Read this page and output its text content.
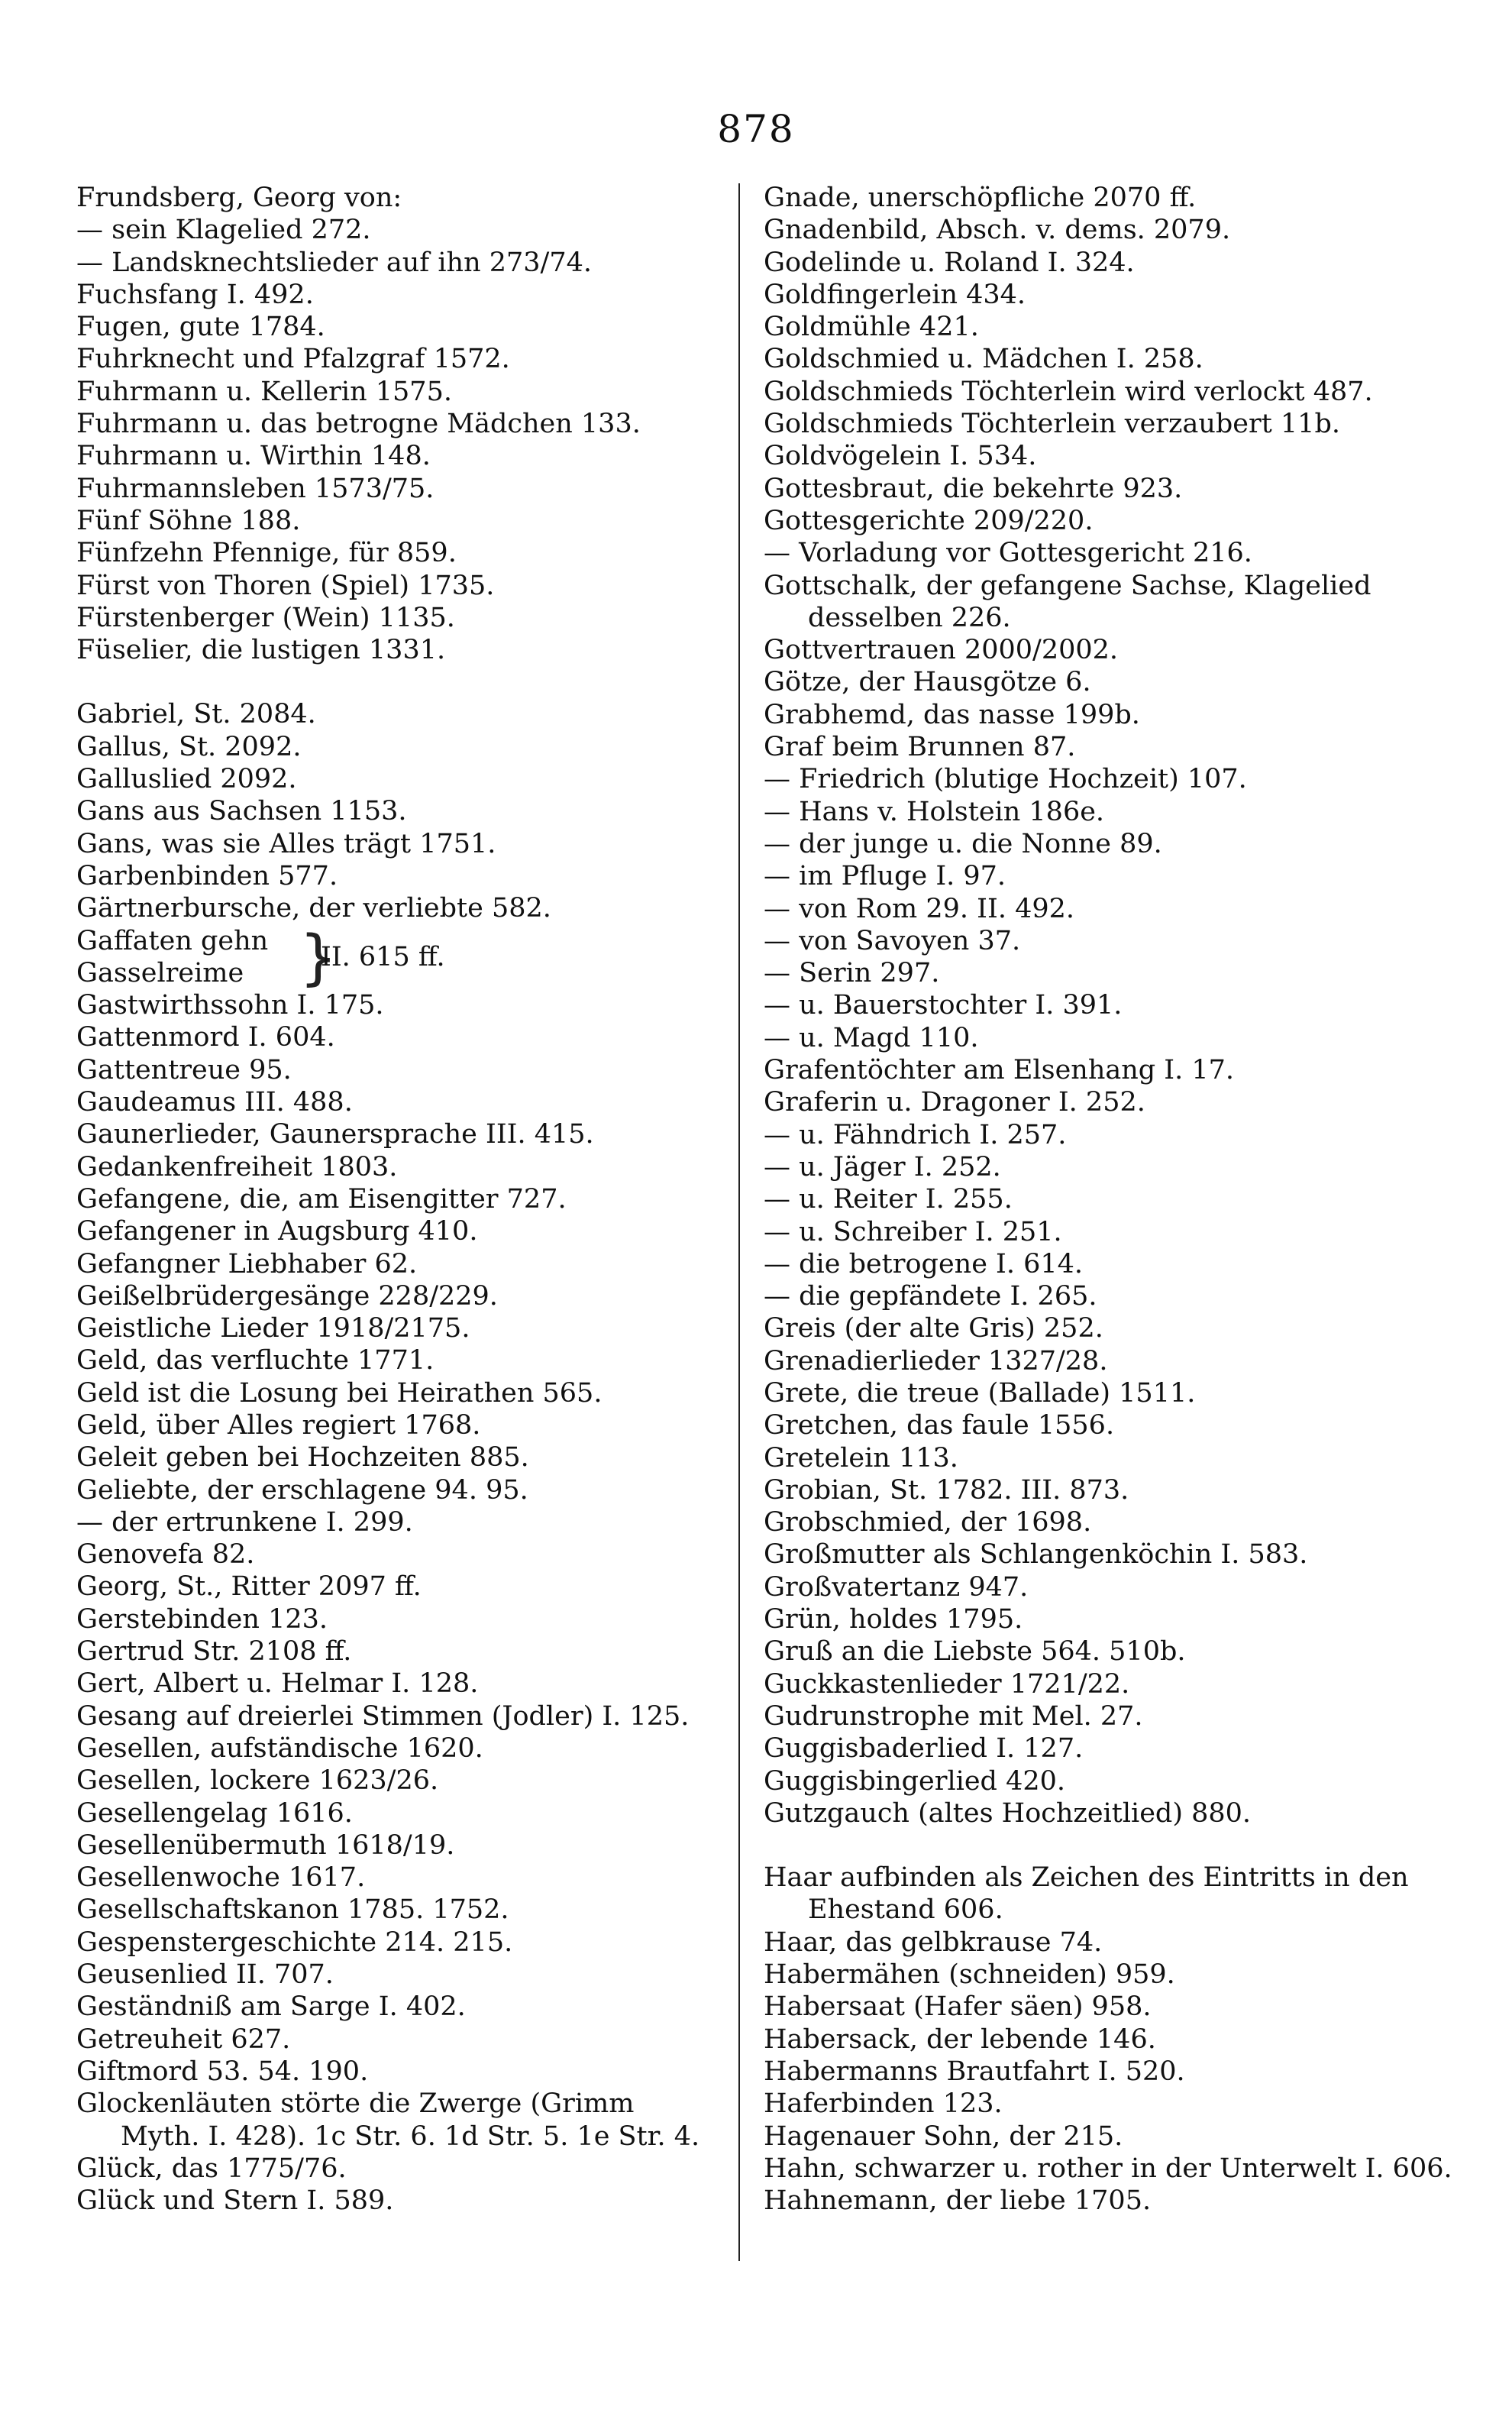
878
Frundsberg, Georg von:
— sein Klagelied 272.
— Landsknechtslieder auf ihn 273/74.
Fuchsfang I. 492.
Fugen, gute 1784.
Fuhrknecht und Pfalzgraf 1572.
Fuhrmann u. Kellerin 1575.
Fuhrmann u. das betrogne Mädchen 133.
Fuhrmann u. Wirthin 148.
Fuhrmannsleben 1573/75.
Fünf Söhne 188.
Fünfzehn Pfennige, für 859.
Fürst von Thoren (Spiel) 1735.
Fürstenberger (Wein) 1135.
Füselier, die lustigen 1331.
Gabriel, St. 2084.
Gallus, St. 2092.
Galluslied 2092.
Gans aus Sachsen 1153.
Gans, was sie Alles trägt 1751.
Garbenbinden 577.
Gärtnerbursche, der verliebte 582.
Gaffaten gehn
Gasselreime }
II. 615 ff.
Gastwirthssohn I. 175.
Gattenmord I. 604.
Gattentreue 95.
Gaudeamus III. 488.
Gaunerlieder, Gaunersprache III. 415.
Gedankenfreiheit 1803.
Gefangene, die, am Eisengitter 727.
Gefangener in Augsburg 410.
Gefangner Liebhaber 62.
Geißelbrüdergesänge 228/229.
Geistliche Lieder 1918/2175.
Geld, das verfluchte 1771.
Geld ist die Losung bei Heirathen 565.
Geld, über Alles regiert 1768.
Geleit geben bei Hochzeiten 885.
Geliebte, der erschlagene 94. 95.
— der ertrunkene I. 299.
Genovefa 82.
Georg, St., Ritter 2097 ff.
Gerstebinden 123.
Gertrud Str. 2108 ff.
Gert, Albert u. Helmar I. 128.
Gesang auf dreierlei Stimmen (Jodler) I. 125.
Gesellen, aufständische 1620.
Gesellen, lockere 1623/26.
Gesellengelag 1616.
Gesellenübermuth 1618/19.
Gesellenwoche 1617.
Gesellschaftskanon 1785. 1752.
Gespenstergeschichte 214. 215.
Geusenlied II. 707.
Geständniß am Sarge I. 402.
Getreuheit 627.
Giftmord 53. 54. 190.
Glockenläuten störte die Zwerge (Grimm Myth. I. 428). 1c Str. 6. 1d Str. 5. 1e Str. 4.
Glück, das 1775/76.
Glück und Stern I. 589.
Gnade, unerschöpfliche 2070 ff.
Gnadenbild, Absch. v. dems. 2079.
Godelinde u. Roland I. 324.
Goldfingerlein 434.
Goldmühle 421.
Goldschmied u. Mädchen I. 258.
Goldschmieds Töchterlein wird verlockt 487.
Goldschmieds Töchterlein verzaubert 11b.
Goldvögelein I. 534.
Gottesbraut, die bekehrte 923.
Gottesgerichte 209/220.
— Vorladung vor Gottesgericht 216.
Gottschalk, der gefangene Sachse, Klagelied desselben 226.
Gottvertrauen 2000/2002.
Götze, der Hausgötze 6.
Grabhemd, das nasse 199b.
Graf beim Brunnen 87.
— Friedrich (blutige Hochzeit) 107.
— Hans v. Holstein 186e.
— der junge u. die Nonne 89.
— im Pfluge I. 97.
— von Rom 29. II. 492.
— von Savoyen 37.
— Serin 297.
— u. Bauerstochter I. 391.
— u. Magd 110.
Grafentöchter am Elsenhang I. 17.
Graferin u. Dragoner I. 252.
— u. Fähndrich I. 257.
— u. Jäger I. 252.
— u. Reiter I. 255.
— u. Schreiber I. 251.
— die betrogene I. 614.
— die gepfändete I. 265.
Greis (der alte Gris) 252.
Grenadierlieder 1327/28.
Grete, die treue (Ballade) 1511.
Gretchen, das faule 1556.
Gretelein 113.
Grobian, St. 1782. III. 873.
Grobschmied, der 1698.
Großmutter als Schlangenköchin I. 583.
Großvatertanz 947.
Grün, holdes 1795.
Gruß an die Liebste 564. 510b.
Guckkastenlieder 1721/22.
Gudrunstrophe mit Mel. 27.
Guggisbaderlied I. 127.
Guggisbingerlied 420.
Gutzgauch (altes Hochzeitlied) 880.
Haar aufbinden als Zeichen des Eintritts in den Ehestand 606.
Haar, das gelbkrause 74.
Habermähen (schneiden) 959.
Habersaat (Hafer säen) 958.
Habersack, der lebende 146.
Habermanns Brautfahrt I. 520.
Haferbinden 123.
Hagenauer Sohn, der 215.
Hahn, schwarzer u. rother in der Unterwelt I. 606.
Hahnemann, der liebe 1705.
